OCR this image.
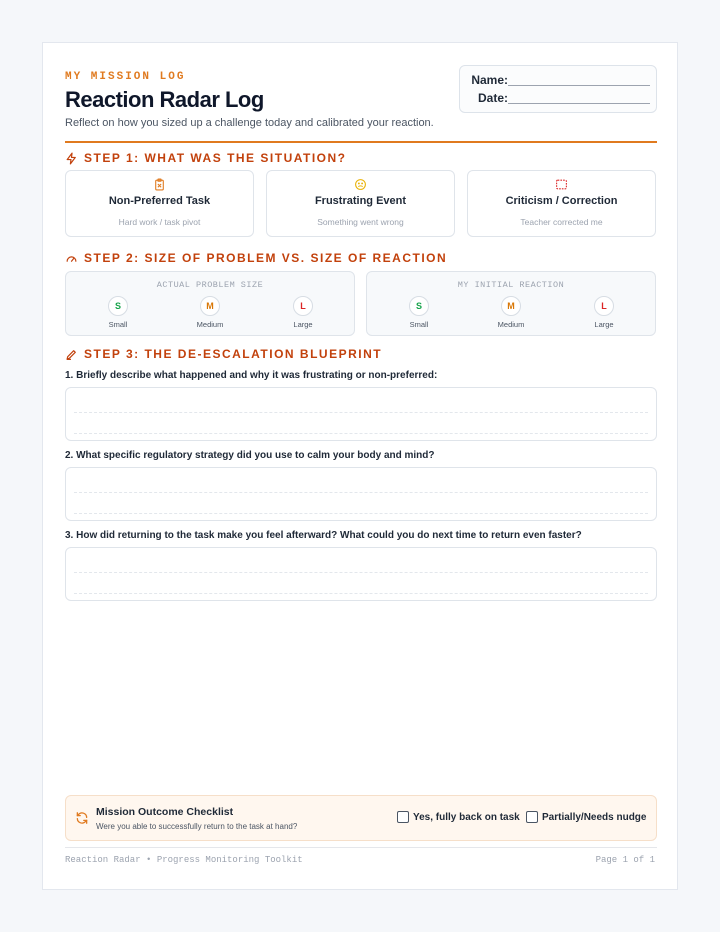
MY MISSION LOG
Reaction Radar Log
Reflect on how you sized up a challenge today and calibrated your reaction.
Name:
Date:
STEP 1: WHAT WAS THE SITUATION?
Non-Preferred Task
Hard work / task pivot
Frustrating Event
Something went wrong
Criticism / Correction
Teacher corrected me
STEP 2: SIZE OF PROBLEM VS. SIZE OF REACTION
ACTUAL PROBLEM SIZE
S
Small
M
Medium
L
Large
MY INITIAL REACTION
S
Small
M
Medium
L
Large
STEP 3: THE DE-ESCALATION BLUEPRINT
1. Briefly describe what happened and why it was frustrating or non-preferred:
2. What specific regulatory strategy did you use to calm your body and mind?
3. How did returning to the task make you feel afterward? What could you do next time to return even faster?
Mission Outcome Checklist
Were you able to successfully return to the task at hand?
Yes, fully back on task Partially/Needs nudge
Reaction Radar • Progress Monitoring Toolkit	Page 1 of 1
